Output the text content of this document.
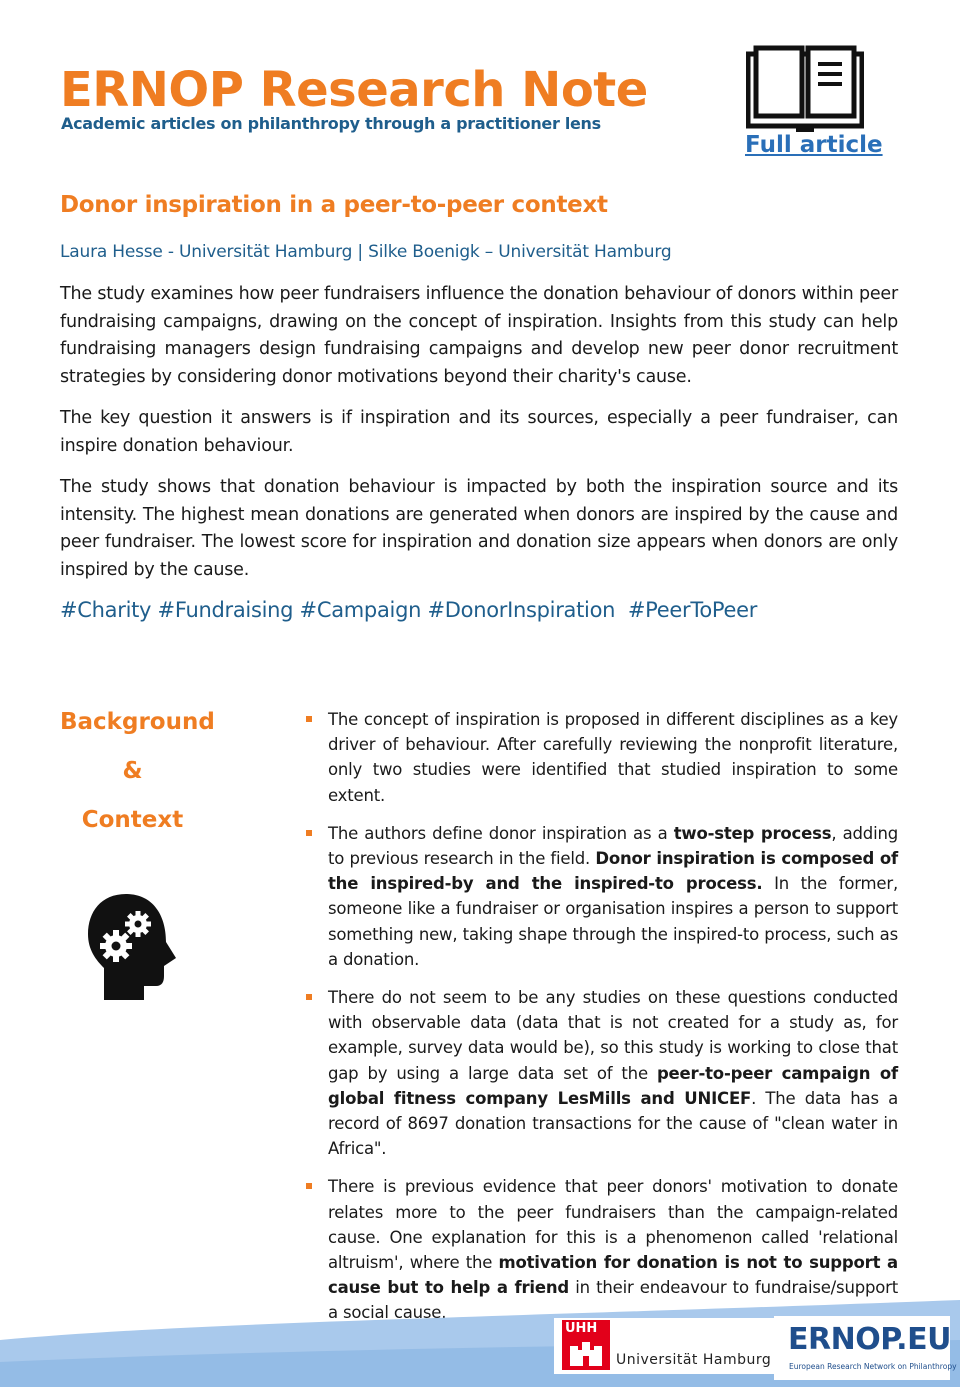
ERNOP Research Note
Academic articles on philanthropy through a practitioner lens
Full article
Donor inspiration in a peer-to-peer context
Laura Hesse - Universität Hamburg | Silke Boenigk – Universität Hamburg
The study examines how peer fundraisers influence the donation behaviour of donors within peer fundraising campaigns, drawing on the concept of inspiration. Insights from this study can help fundraising managers design fundraising campaigns and develop new peer donor recruitment strategies by considering donor motivations beyond their charity's cause.
The key question it answers is if inspiration and its sources, especially a peer fundraiser, can inspire donation behaviour.
The study shows that donation behaviour is impacted by both the inspiration source and its intensity. The highest mean donations are generated when donors are inspired by the cause and peer fundraiser. The lowest score for inspiration and donation size appears when donors are only inspired by the cause.
#Charity #Fundraising #Campaign #DonorInspiration  #PeerToPeer
Background
&
Context
The concept of inspiration is proposed in different disciplines as a key driver of behaviour. After carefully reviewing the nonprofit literature, only two studies were identified that studied inspiration to some extent.
The authors define donor inspiration as a two-step process, adding to previous research in the field. Donor inspiration is composed of the inspired-by and the inspired-to process. In the former, someone like a fundraiser or organisation inspires a person to support something new, taking shape through the inspired-to process, such as a donation.
There do not seem to be any studies on these questions conducted with observable data (data that is not created for a study as, for example, survey data would be), so this study is working to close that gap by using a large data set of the peer-to-peer campaign of global fitness company LesMills and UNICEF. The data has a record of 8697 donation transactions for the cause of "clean water in Africa".
There is previous evidence that peer donors' motivation to donate relates more to the peer fundraisers than the campaign-related cause. One explanation for this is a phenomenon called 'relational altruism', where the motivation for donation is not to support a cause but to help a friend in their endeavour to fundraise/support a social cause.
UHH
Universität Hamburg
ERNOP.EU
European Research Network on Philanthropy
